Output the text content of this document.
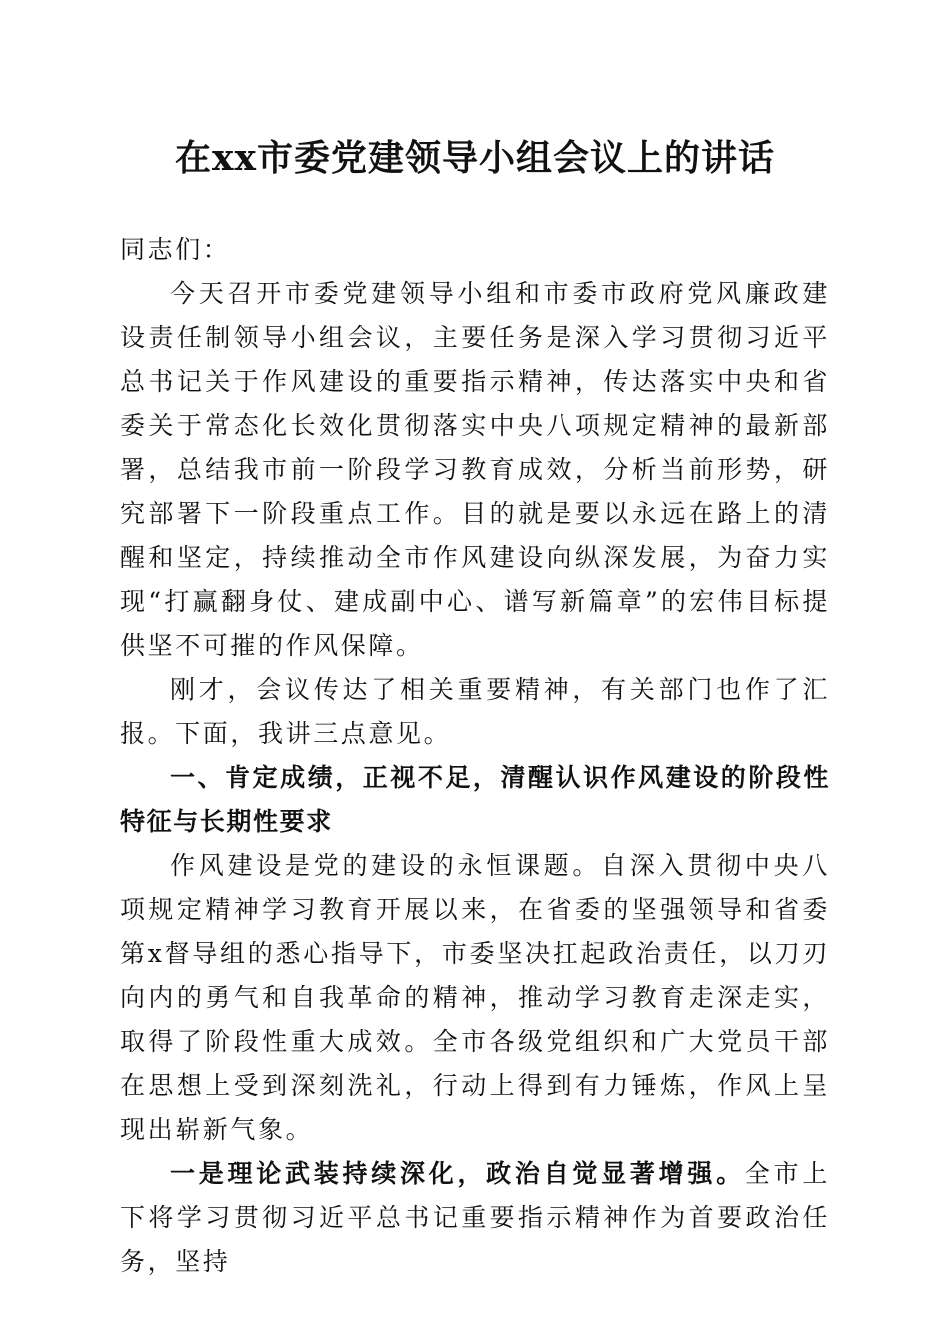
在xx市委党建领导小组会议上的讲话

同志们：

今天召开市委党建领导小组和市委市政府党风廉政建设责任制领导小组会议，主要任务是深入学习贯彻习近平总书记关于作风建设的重要指示精神，传达落实中央和省委关于常态化长效化贯彻落实中央八项规定精神的最新部署，总结我市前一阶段学习教育成效，分析当前形势，研究部署下一阶段重点工作。目的就是要以永远在路上的清醒和坚定，持续推动全市作风建设向纵深发展，为奋力实现“打赢翻身仗、建成副中心、谱写新篇章”的宏伟目标提供坚不可摧的作风保障。

刚才，会议传达了相关重要精神，有关部门也作了汇报。下面，我讲三点意见。

一、肯定成绩，正视不足，清醒认识作风建设的阶段性特征与长期性要求

作风建设是党的建设的永恒课题。自深入贯彻中央八项规定精神学习教育开展以来，在省委的坚强领导和省委第x督导组的悉心指导下，市委坚决扛起政治责任，以刀刃向内的勇气和自我革命的精神，推动学习教育走深走实，取得了阶段性重大成效。全市各级党组织和广大党员干部在思想上受到深刻洗礼，行动上得到有力锤炼，作风上呈现出崭新气象。

一是理论武装持续深化，政治自觉显著增强。全市上下将学习贯彻习近平总书记重要指示精神作为首要政治任务，坚持
